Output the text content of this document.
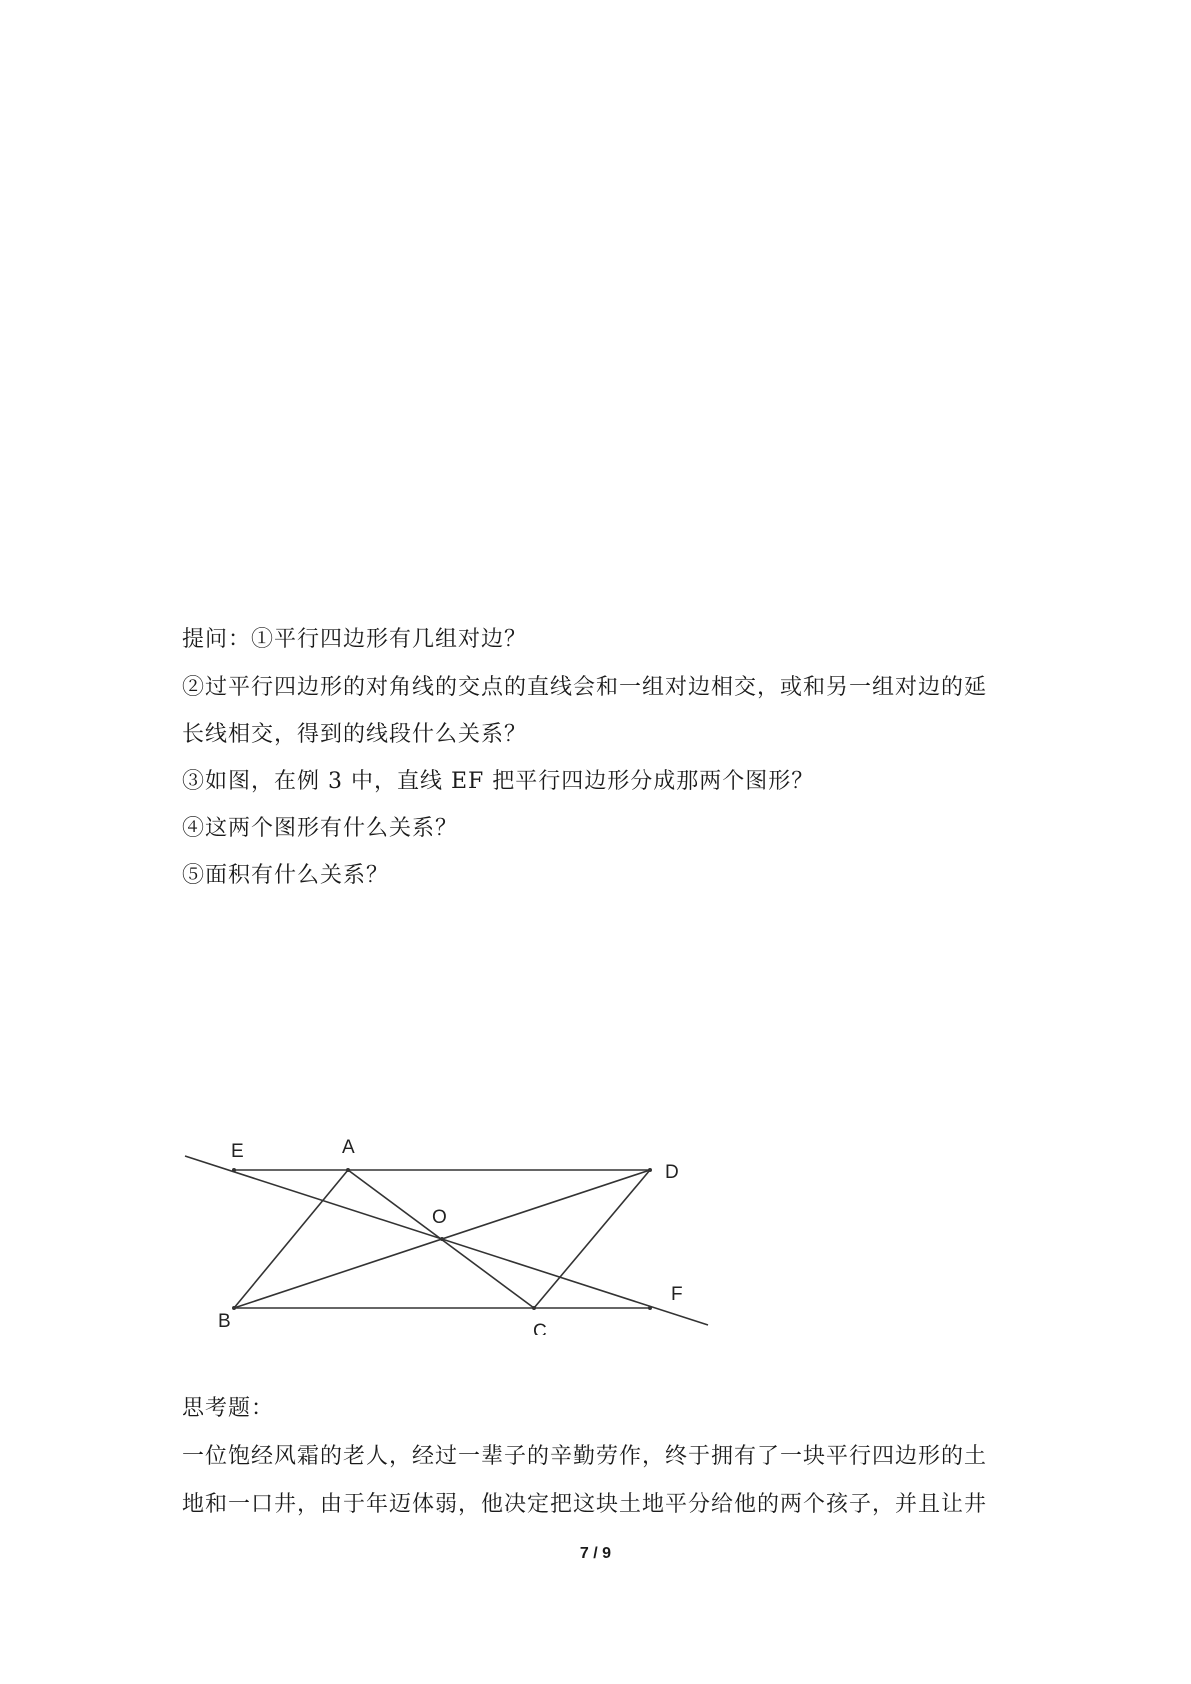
提问：①平行四边形有几组对边？
②过平行四边形的对角线的交点的直线会和一组对边相交，或和另一组对边的延
长线相交，得到的线段什么关系？
③如图，在例 3 中，直线 EF 把平行四边形分成那两个图形？
④这两个图形有什么关系？
⑤面积有什么关系？
E	A
D
O
B	C
F
思考题：
一位饱经风霜的老人，经过一辈子的辛勤劳作，终于拥有了一块平行四边形的土
地和一口井，由于年迈体弱，他决定把这块土地平分给他的两个孩子，并且让井
7 / 9
